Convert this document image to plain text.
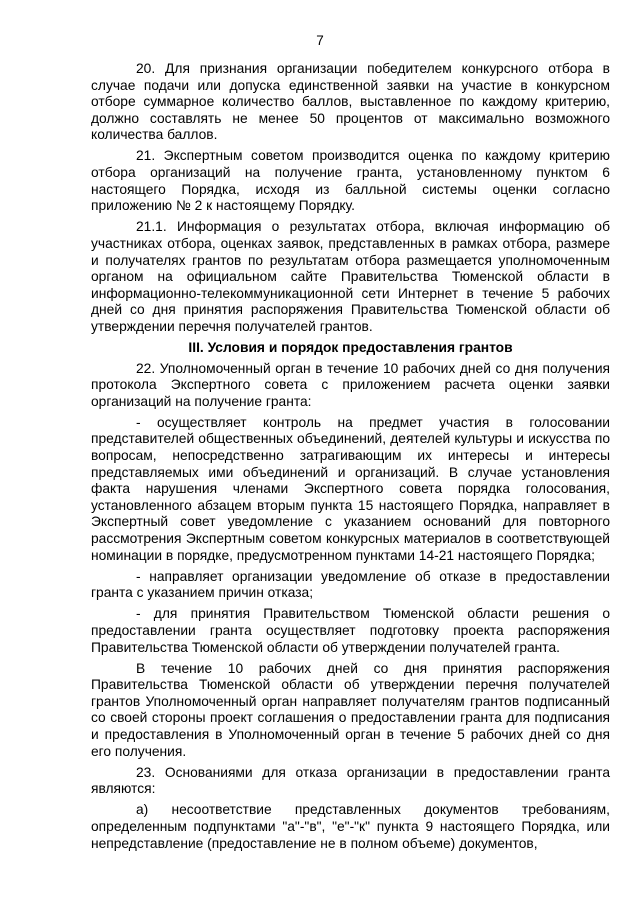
7

20. Для признания организации победителем конкурсного отбора в случае подачи или допуска единственной заявки на участие в конкурсном отборе суммарное количество баллов, выставленное по каждому критерию, должно составлять не менее 50 процентов от максимально возможного количества баллов.

21. Экспертным советом производится оценка по каждому критерию отбора организаций на получение гранта, установленному пунктом 6 настоящего Порядка, исходя из балльной системы оценки согласно приложению № 2 к настоящему Порядку.

21.1. Информация о результатах отбора, включая информацию об участниках отбора, оценках заявок, представленных в рамках отбора, размере и получателях грантов по результатам отбора размещается уполномоченным органом на официальном сайте Правительства Тюменской области в информационно-телекоммуникационной сети Интернет в течение 5 рабочих дней со дня принятия распоряжения Правительства Тюменской области об утверждении перечня получателей грантов.

III. Условия и порядок предоставления грантов

22. Уполномоченный орган в течение 10 рабочих дней со дня получения протокола Экспертного совета с приложением расчета оценки заявки организаций на получение гранта:

- осуществляет контроль на предмет участия в голосовании представителей общественных объединений, деятелей культуры и искусства по вопросам, непосредственно затрагивающим их интересы и интересы представляемых ими объединений и организаций. В случае установления факта нарушения членами Экспертного совета порядка голосования, установленного абзацем вторым пункта 15 настоящего Порядка, направляет в Экспертный совет уведомление с указанием оснований для повторного рассмотрения Экспертным советом конкурсных материалов в соответствующей номинации в порядке, предусмотренном пунктами 14-21 настоящего Порядка;

- направляет организации уведомление об отказе в предоставлении гранта с указанием причин отказа;

- для принятия Правительством Тюменской области решения о предоставлении гранта осуществляет подготовку проекта распоряжения Правительства Тюменской области об утверждении получателей гранта.

В течение 10 рабочих дней со дня принятия распоряжения Правительства Тюменской области об утверждении перечня получателей грантов Уполномоченный орган направляет получателям грантов подписанный со своей стороны проект соглашения о предоставлении гранта для подписания и предоставления в Уполномоченный орган в течение 5 рабочих дней со дня его получения.

23. Основаниями для отказа организации в предоставлении гранта являются:

а) несоответствие представленных документов требованиям, определенным подпунктами "а"-"в", "е"-"к" пункта 9 настоящего Порядка, или непредставление (предоставление не в полном объеме) документов,
